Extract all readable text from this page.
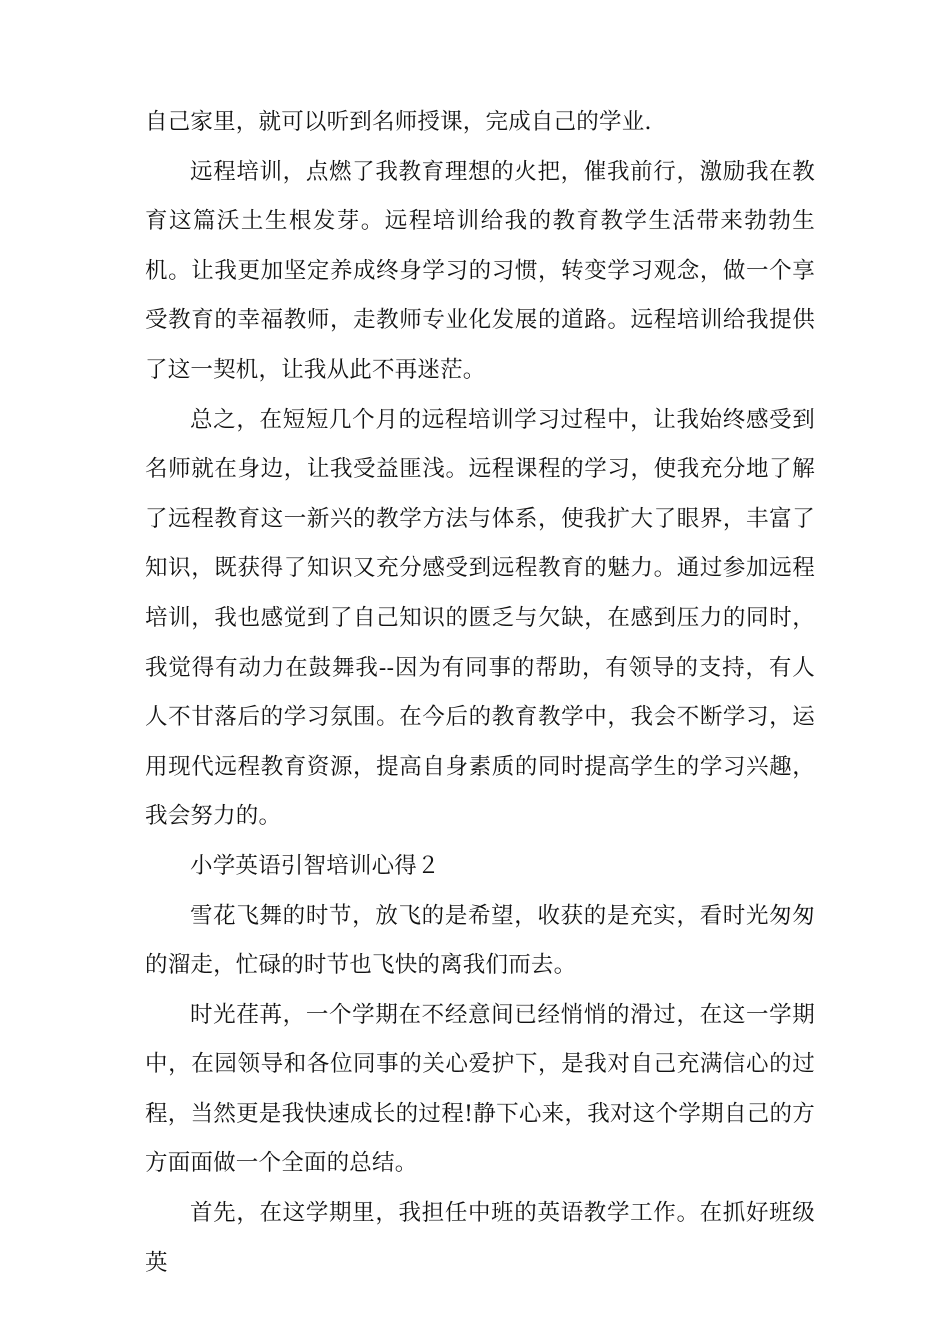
自己家里，就可以听到名师授课，完成自己的学业.

远程培训，点燃了我教育理想的火把，催我前行，激励我在教育这篇沃土生根发芽。远程培训给我的教育教学生活带来勃勃生机。让我更加坚定养成终身学习的习惯，转变学习观念，做一个享受教育的幸福教师，走教师专业化发展的道路。远程培训给我提供了这一契机，让我从此不再迷茫。

总之，在短短几个月的远程培训学习过程中，让我始终感受到名师就在身边，让我受益匪浅。远程课程的学习，使我充分地了解了远程教育这一新兴的教学方法与体系，使我扩大了眼界，丰富了知识，既获得了知识又充分感受到远程教育的魅力。通过参加远程培训，我也感觉到了自己知识的匮乏与欠缺，在感到压力的同时，我觉得有动力在鼓舞我--因为有同事的帮助，有领导的支持，有人人不甘落后的学习氛围。在今后的教育教学中，我会不断学习，运用现代远程教育资源，提高自身素质的同时提高学生的学习兴趣，我会努力的。

小学英语引智培训心得２

雪花飞舞的时节，放飞的是希望，收获的是充实，看时光匆匆的溜走，忙碌的时节也飞快的离我们而去。

时光荏苒，一个学期在不经意间已经悄悄的滑过，在这一学期中，在园领导和各位同事的关心爱护下，是我对自己充满信心的过程，当然更是我快速成长的过程!静下心来，我对这个学期自己的方方面面做一个全面的总结。

首先，在这学期里，我担任中班的英语教学工作。在抓好班级英
